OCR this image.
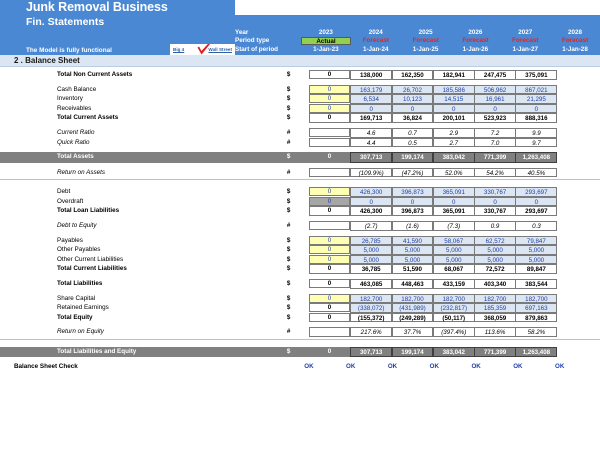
Junk Removal Business
Fin. Statements
The Model is fully functional	Big 4	Wall Street
Year
Period type
Start of period
2023	2024	2025	2026	2027	2028
Actual	Forecast	Forecast	Forecast	Forecast	Forecast
1-Jan-23	1-Jan-24	1-Jan-25	1-Jan-26	1-Jan-27	1-Jan-28
2 . Balance Sheet
Total Non Current Assets	$	0	138,000	162,350	182,941	247,475	375,091
Cash Balance	$	0	163,179	26,702	185,586	506,962	867,021
Inventory	$	0	6,534	10,123	14,515	16,961	21,295
Receivables	$	0	0	0	0	0	0
Total Current Assets	$	0	169,713	36,824	200,101	523,923	888,316
Current Ratio	#	4.6	0.7	2.9	7.2	9.9
Quick Ratio	#	4.4	0.5	2.7	7.0	9.7
Total Assets	$	0	307,713	199,174	383,042	771,399	1,263,408
Return on Assets	#	(109.9%)	(47.2%)	52.0%	54.2%	40.5%
Debt	$	0	426,300	396,873	365,091	330,767	293,697
Overdraft	$	0	0	0	0	0	0
Total Loan Liabilities	$	0	426,300	396,873	365,091	330,767	293,697
Debt to Equity	#	(2.7)	(1.6)	(7.3)	0.9	0.3
Payables	$	0	26,785	41,590	58,067	62,572	79,847
Other Payables	$	0	5,000	5,000	5,000	5,000	5,000
Other Current Liabilities	$	0	5,000	5,000	5,000	5,000	5,000
Total Current Liabilities	$	0	36,785	51,590	68,067	72,572	89,847
Total Liabilities	$	0	463,085	448,463	433,159	403,340	383,544
Share Capital	$	0	182,700	182,700	182,700	182,700	182,700
Retained Earnings	$	0	(338,072)	(431,989)	(232,817)	185,359	697,163
Total Equity	$	0	(155,372)	(249,289)	(50,117)	368,059	879,863
Return on Equity	#	217.6%	37.7%	(397.4%)	113.6%	58.2%
Total Liabilities and Equity	$	0	307,713	199,174	383,042	771,399	1,263,408
Balance Sheet Check	OK	OK	OK	OK	OK	OK	OK
